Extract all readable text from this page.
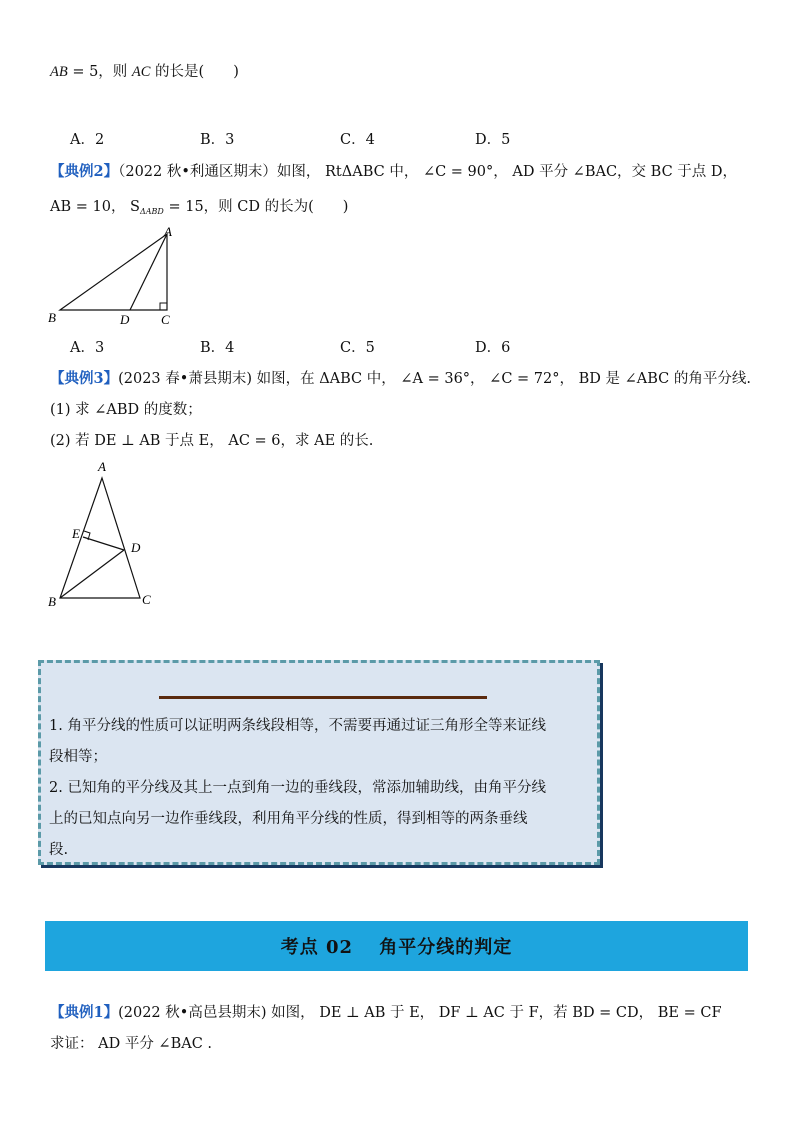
AB = 5，则 AC 的长是(　　)
A．2	B．3	C．4	D．5
【典例2】（2022 秋•利通区期末）如图， RtΔABC 中， ∠C = 90°， AD 平分 ∠BAC，交 BC 于点 D，
AB = 10， $S_{\Delta ABD} = 15$，则 CD 的长为(　　)
A
B	D C
A．3	B．4	C．5	D．6
【典例3】(2023 春•萧县期末) 如图，在 ΔABC 中， ∠A = 36°， ∠C = 72°， BD 是 ∠ABC 的角平分线.
(1) 求 ∠ABD 的度数；
(2) 若 DE ⊥ AB 于点 E， AC = 6，求 AE 的长.
A
E
D
B	C
1. 角平分线的性质可以证明两条线段相等，不需要再通过证三角形全等来证线
段相等；
2. 已知角的平分线及其上一点到角一边的垂线段，常添加辅助线，由角平分线
上的已知点向另一边作垂线段，利用角平分线的性质，得到相等的两条垂线
段.
考点 02　 角平分线的判定
【典例1】(2022 秋•高邑县期末) 如图， DE ⊥ AB 于 E， DF ⊥ AC 于 F，若 BD = CD， BE = CF
求证： AD 平分 ∠BAC .
